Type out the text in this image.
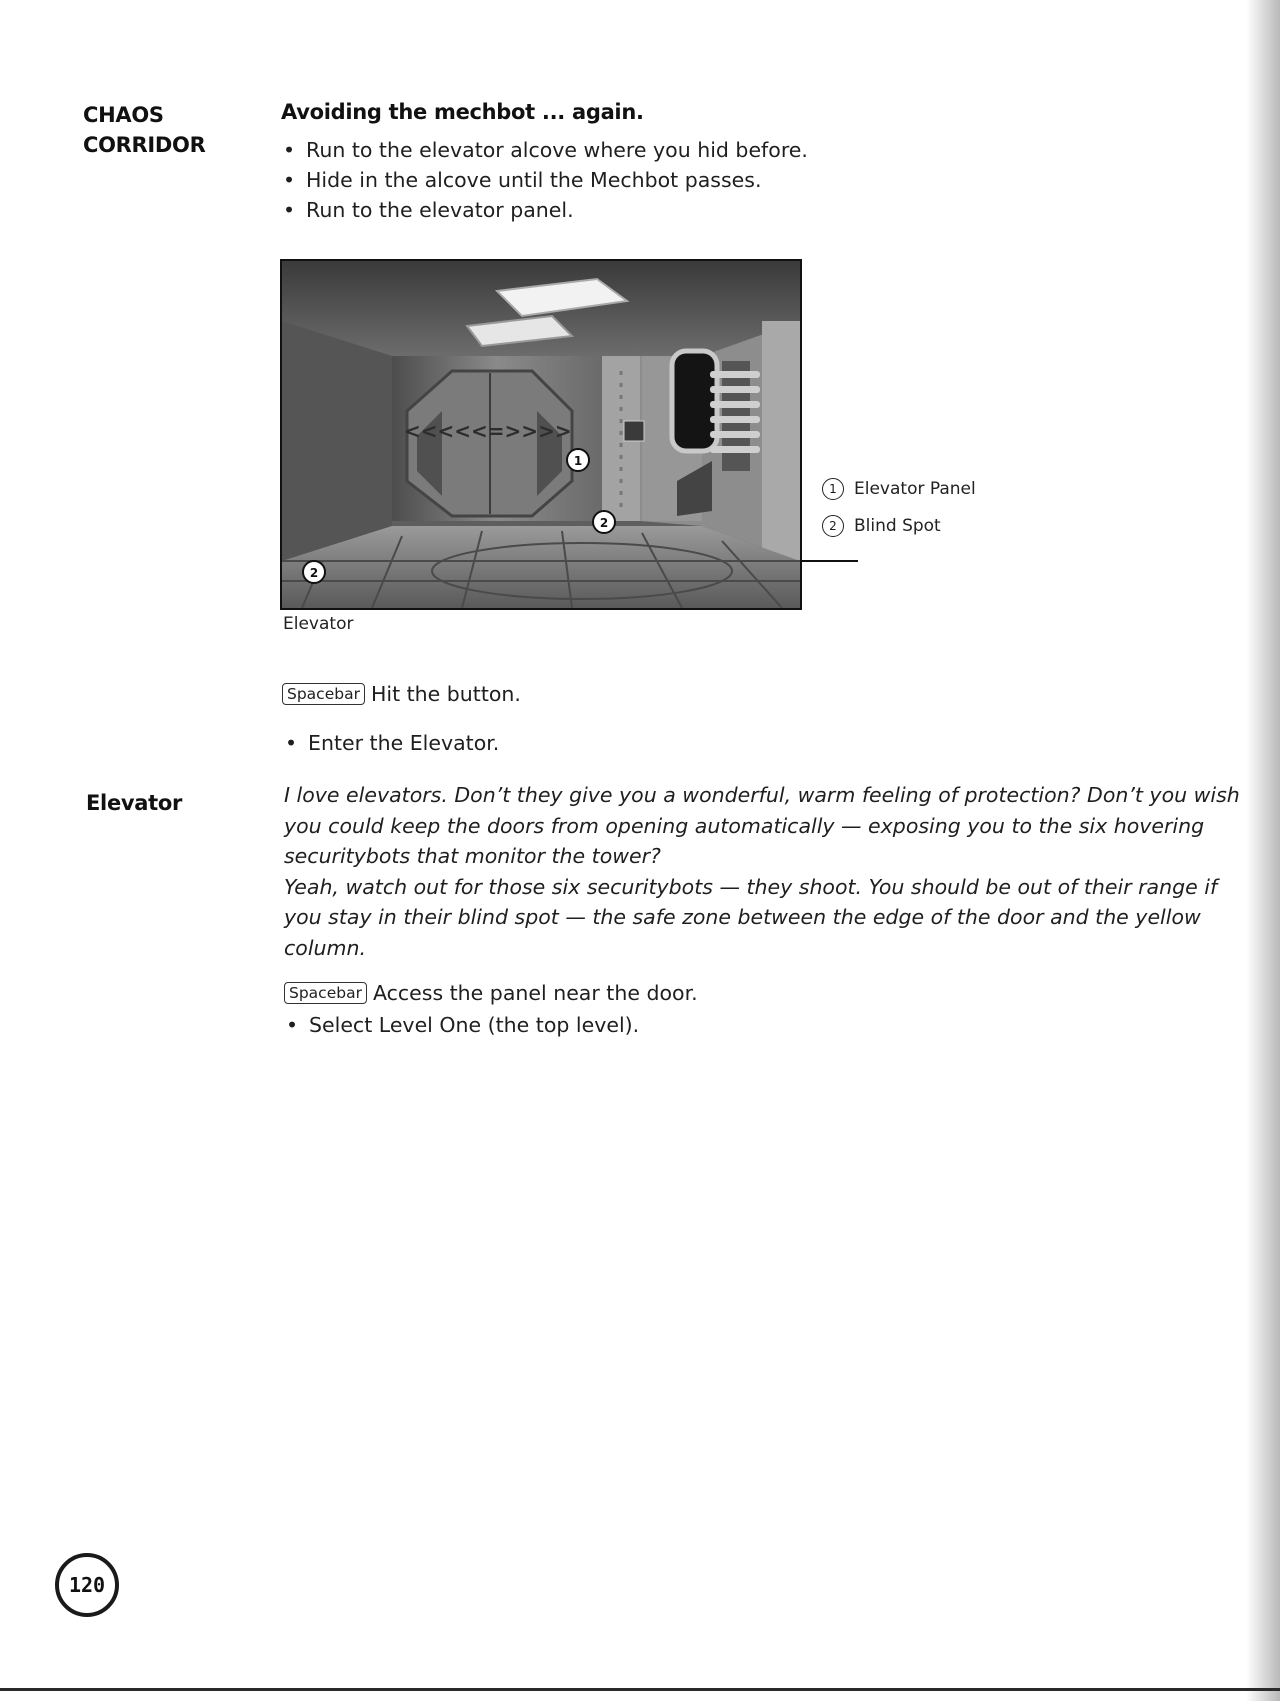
CHAOS
CORRIDOR
Avoiding the mechbot ... again.
• Run to the elevator alcove where you hid before.
• Hide in the alcove until the Mechbot passes.
• Run to the elevator panel.
<<<<<=>>>>
1
2
2
1	Elevator Panel
2	Blind Spot
Elevator
Spacebar Hit the button.
• Enter the Elevator.
Elevator	I love elevators. Don’t they give you a wonderful, warm feeling of protection? Don’t you wish you could keep the doors from opening automatically — exposing you to the six hovering securitybots that monitor the tower?
Yeah, watch out for those six securitybots — they shoot. You should be out of their range if you stay in their blind spot — the safe zone between the edge of the door and the yellow column.
Spacebar Access the panel near the door.
• Select Level One (the top level).
120
